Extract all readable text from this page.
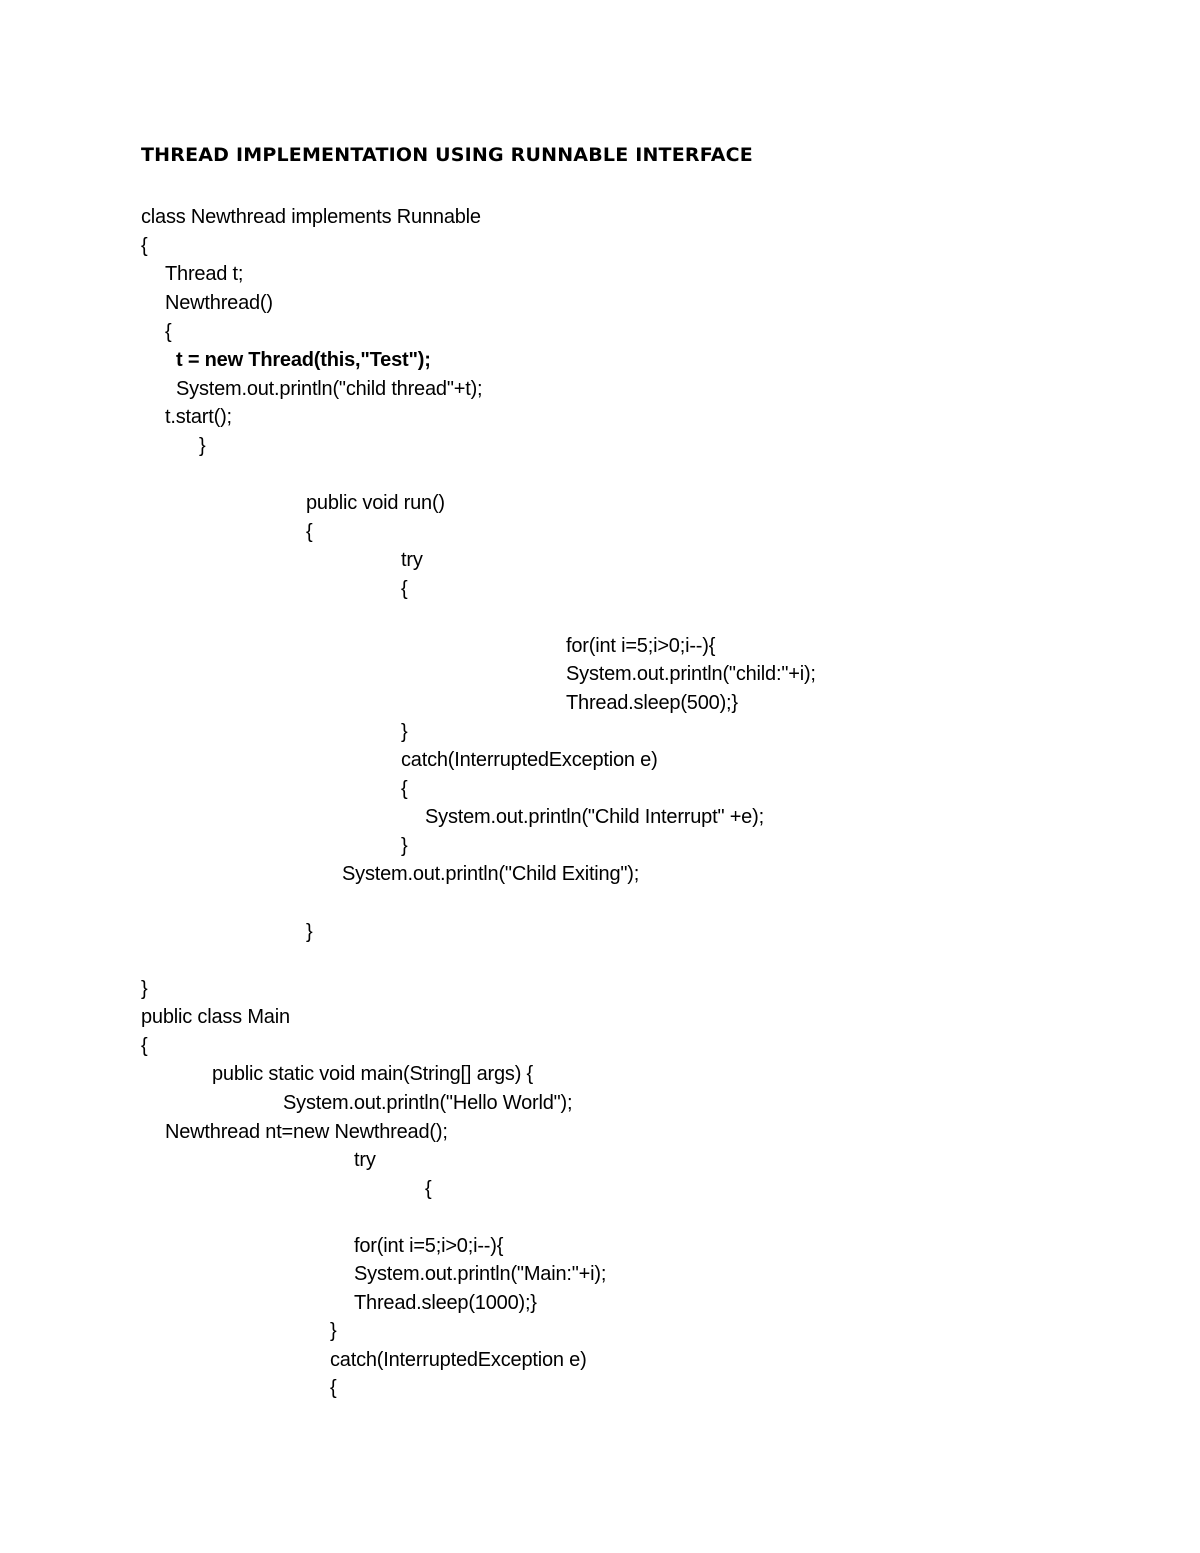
THREAD IMPLEMENTATION USING RUNNABLE INTERFACE
class Newthread implements Runnable
{
Thread t;
Newthread()
{
t = new Thread(this,"Test");
System.out.println("child thread"+t);
t.start();
}
public void run()
{
try
{
for(int i=5;i>0;i--){
System.out.println("child:"+i);
Thread.sleep(500);}
}
catch(InterruptedException e)
{
System.out.println("Child Interrupt" +e);
}
System.out.println("Child Exiting");
}
}
public class Main
{
public static void main(String[] args) {
System.out.println("Hello World");
Newthread nt=new Newthread();
try
{
for(int i=5;i>0;i--){
System.out.println("Main:"+i);
Thread.sleep(1000);}
}
catch(InterruptedException e)
{
